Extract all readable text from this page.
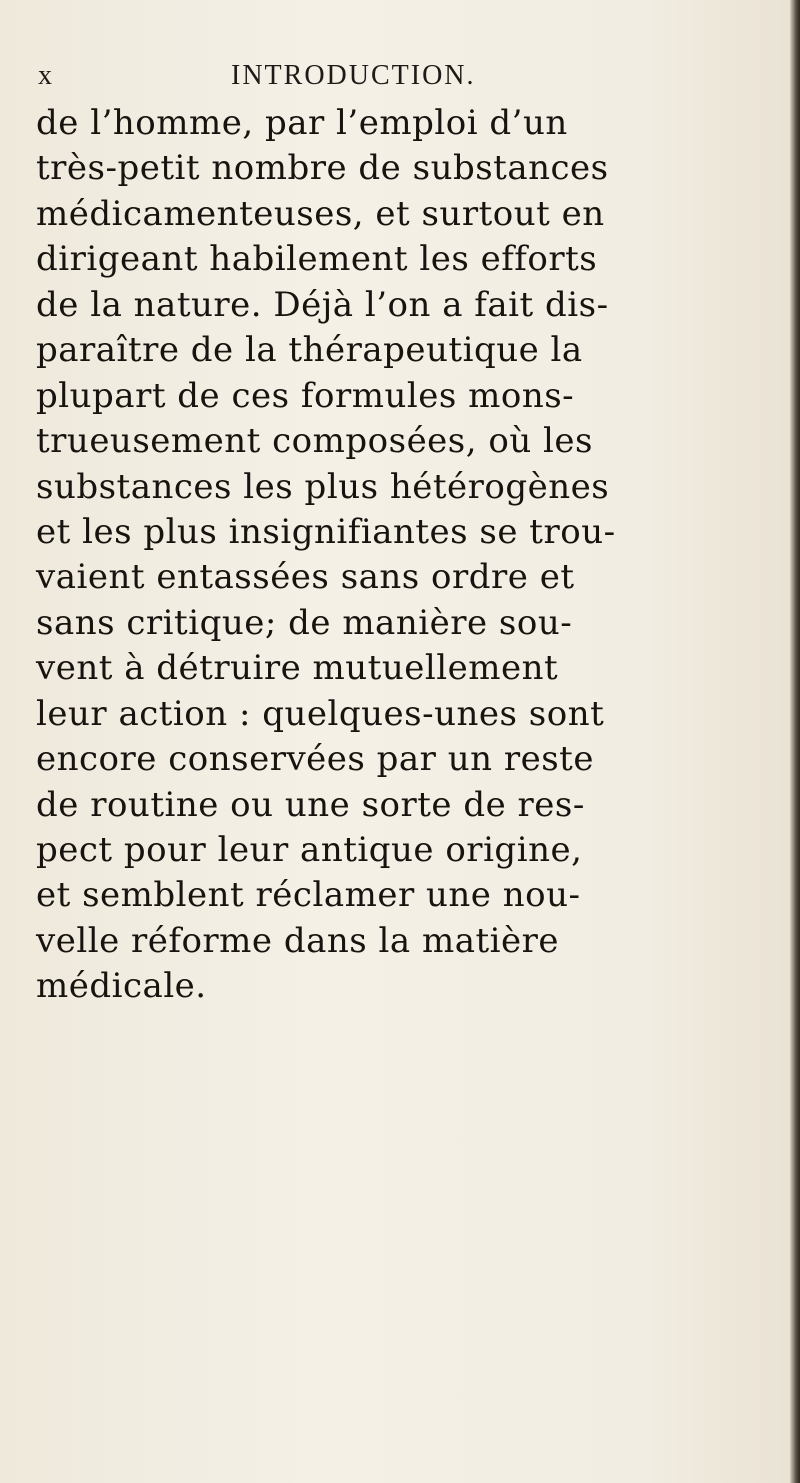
x	INTRODUCTION.
de l’homme, par l’emploi d’un
très-petit nombre de substances
médicamenteuses, et surtout en
dirigeant habilement les efforts
de la nature. Déjà l’on a fait dis-
paraître de la thérapeutique la
plupart de ces formules mons-
trueusement composées, où les
substances les plus hétérogènes
et les plus insignifiantes se trou-
vaient entassées sans ordre et
sans critique; de manière sou-
vent à détruire mutuellement
leur action : quelques-unes sont
encore conservées par un reste
de routine ou une sorte de res-
pect pour leur antique origine,
et semblent réclamer une nou-
velle réforme dans la matière
médicale.
